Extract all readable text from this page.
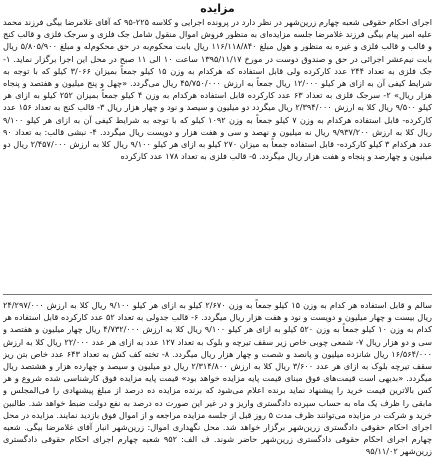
مزایده

اجرای احکام حقوقی شعبه چهارم زرین‌شهر در نظر دارد در پرونده اجرایی و کلاسه ۲۲۵-۹۵ که آقای غلامرضا بیگی فرزند محمد علیه امیر پیام بیگی فرزند غلامرضا جلسه مزایده‌ای به منظور فروش اموال منقول شامل جک فلزی و سرجک فلزی و قالب کنج و قالب و قالب فلزی و غیره به منظور و هول مبلغ ۱۱۶/۱۱۸/۸۴۰ ریال بابت محکوم‌به در حق محکوم‌له و مبلغ ۵/۸۰۵/۹۰۰ ریال بابت نیم‌عشر اجرائی در حق و صندوق دوست در مورخ ۱۳۹۵/۱۱/۱۷ ساعت ۱۰ الی ۱۱ صبح در محل این اجرا برگزار نماید. ۱- جک فلزی به تعداد ۲۴۴ عدد کارکرده ولی قابل استفاده که هرکدام به وزن ۱۵ کیلو جمعاً بمیزان ۳/۰۶۶ کیلو که با توجه به شرایط کیفی آن به ازای هر کیلو ۱۲/۰۰۰ ریال جمعاً به ارزش ۴۵/۷۵۰/۰۰۰ ریال می‌گردد. «چهل و پنج میلیون و هفتصد و پنجاه هزار ریال» ۲- سرجک فلزی به تعداد ۶۳ عدد کارکرده قابل استفاده هرکدام به وزن ۴ کیلو جمعاً بمیزان ۲۵۲ کیلو به ازای هر کیلو ۹/۵۰۰ ریال کلا به ارزش ۲/۳۹۴/۰۰۰ ریال میگردد دو میلیون و سیصد و نود و چهار هزار ریال ۳- قالب کنج به تعداد ۱۵۶ عدد کارکرده- قابل استفاده هرکدام به وزن ۷ کیلو جمعاً به وزن ۱۰۹۲ کیلو که با توجه به شرایط کیفی آن به ازای هر کیلو ۹/۱۰۰ ریال کلا به ارزش ۹/۹۳۷/۲۰۰ ریال نه میلیون و نهصد و سی و هفت هزار و دویست ریال میگردد. ۴- نبشی قالب: به تعداد ۹۰ عدد هرکدام ۳ کیلو کارکرده- قابل استفاده جمعاً به میزان ۲۷۰ کیلو به ازای هر کیلو ۹/۱۰۰ ریال کلا به ارزش ۲/۴۵۷/۰۰۰ ریال دو میلیون و چهارصد و پنجاه و هفت هزار ریال میگردد. ۵- قالب فلزی به تعداد ۱۷۸ عدد کارکرده

سالم و قابل استفاده هر کدام به وزن ۱۵ کیلو جمعاً به وزن ۲/۶۷۰ کیلو به ازای هر کیلو ۹/۱۰۰ ریال کلا به ارزش ۲۴/۲۹۷/۰۰۰ ریال بیست و چهار میلیون و دویست و نود و هفت هزار ریال میگردد. ۶- قالب جدولی به تعداد ۵۲ عدد کارکرده قابل استفاده هر کدام به وزن ۱۰ کیلو جمعاً به وزن ۵۲۰ کیلو به ازای هر کیلو ۹/۱۰۰ ریال کلا به ارزش ۴/۷۳۲/۰۰۰ ریال چهار میلیون و هفتصد و سی و دو هزار ریال ۷- شمعی چوبی خاص زیر سقف تیرچه و بلوک به تعداد ۱۲۷ عدد به ازای هر عدد ۲۲/۰۰۰ ریال کلا به ارزش ۱۶/۵۶۴/۰۰۰ ریال شانزده میلیون و پانصد و شصت و چهار هزار ریال میگردد. ۸- تخته کف کش به تعداد ۶۴۳ عدد خاص بتن ریز سقف تیرچه بلوک به ازای هر عدد ۳/۶۰۰ ریال کلا به ارزش ۲/۳۱۴/۸۰۰ ریال دو میلیون و سیصد و چهارده هزار و هشتصد ریال میگردد. «بدیهی است قیمت‌های فوق مبنای قیمت پایه مزایده خواهد بود» قیمت پایه مزایده فوق کارشناسی شده شروع و هر کس بالاترین قیمت خرید را پیشنهاد نماید برنده اعلام می‌شود که برنده مزایده ده درصد از مبلغ پیشنهادی را فی‌المجلس و مابقی را ظرف یک ماه به حساب سپرده دادگستری واریز و در غیر این صورت ده درصد به نفع دولت ضبط خواهد شد. طالبین خرید و شرکت در مزایده می‌توانند ظرف مدت ۵ روز قبل از جلسه مزایده مراجعه و از اموال فوق بازدید نمایند. مزایده در محل اجرای احکام حقوقی دادگستری زرین‌شهر برگزار خواهد شد. محل نگهداری اموال: زرین‌شهر انبار آقای غلامرضا بیگی. شعبه چهارم اجرای احکام حقوقی دادگستری زرین‌شهر حاضر شوند. ف الف: ۹۵۲ شعبه چهارم اجرای احکام حقوقی دادگستری زرین‌شهر ۹۵/۱۱/۰۲
